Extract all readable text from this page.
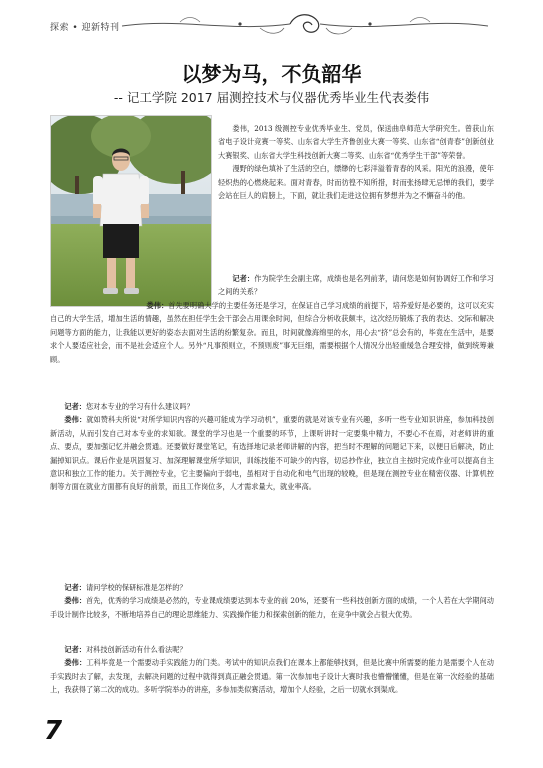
探索 • 迎新特刊
以梦为马，不负韶华
-- 记工学院 2017 届测控技术与仪器优秀毕业生代表娄伟

娄伟，2013 级测控专业优秀毕业生、党员，保送曲阜师范大学研究生。曾获山东省电子设计竞赛一等奖、山东省大学生齐鲁创业大赛一等奖、山东省“创青春”创新创业大赛银奖、山东省大学生科技创新大赛二等奖、山东省“优秀学生干部”等荣誉。

漫野的绿色填补了生活的空白，缥缈的七彩洋溢着青春的风采。阳光的浪漫，使年轻炽热的心燃烧起来。面对青春，时而彷徨不知所措，时而张扬肆无忌惮的我们，要学会站在巨人的肩膀上，下面，就让我们走进这位拥有梦想并为之不懈奋斗的他。

记者：作为院学生会副主席，成绩也是名列前茅，请问您是如何协调好工作和学习之间的关系？

娄伟：首先要明确大学的主要任务还是学习，在保证自己学习成绩的前提下，培养爱好是必要的，这可以充实自己的大学生活，增加生活的情趣，虽然在担任学生会干部会占用课余时间，但综合分析收获颇丰，这次经历锻炼了我的表达、交际和解决问题等方面的能力，让我能以更好的姿态去面对生活的纷繁复杂。而且，时间就像海绵里的水，用心去“挤”总会有的，毕竟在生活中，是要求个人要适应社会，而不是社会适应个人。另外“凡事预则立，不预则废”事无巨细，需要根据个人情况分出轻重缓急合理安排，做到统筹兼顾。

记者：您对本专业的学习有什么建议吗？

娄伟：就如赞科夫所说“对所学知识内容的兴趣可能成为学习动机”，重要的就是对该专业有兴趣，多听一些专业知识讲座，参加科技创新活动，从而引发自己对本专业的求知欲。课堂的学习也是一个重要的环节，上课听讲时一定要集中精力，不要心不在焉，对老师讲的重点、要点，要加强记忆并融会贯通。还要做好课堂笔记，有选择地记录老师讲解的内容，把当时不理解的问题记下来，以便日后解决，防止漏掉知识点。课后作业是巩固复习、加深理解课堂所学知识，训练技能不可缺少的内容，切忌抄作业，独立自主按时完成作业可以提高自主意识和独立工作的能力。关于测控专业，它主要偏向于弱电，虽相对于自动化和电气出现的较晚，但是现在测控专业在精密仪器、计算机控制等方面在就业方面都有良好的前景，而且工作岗位多，人才需求量大，就业率高。

记者：请问学校的保研标准是怎样的？

娄伟：首先，优秀的学习成绩是必然的，专业课成绩要达到本专业的前 20%，还要有一些科技创新方面的成绩，一个人若在大学期间动手设计制作比较多，不断地培养自己的理论思维能力、实践操作能力和探索创新的能力，在竞争中就会占很大优势。

记者：对科技创新活动有什么看法呢？

娄伟：工科毕竟是一个需要动手实践能力的门类。考试中的知识点我们在课本上都能够找到，但是比赛中所需要的能力是需要个人在动手实践时去了解，去发现，去解决问题的过程中就得到真正融会贯通。第一次参加电子设计大赛时我也懵懵懂懂，但是在第一次经验的基础上，我获得了第二次的成功。多听学院举办的讲座，多参加类似赛活动，增加个人经验，之后一切就水到渠成。

7
